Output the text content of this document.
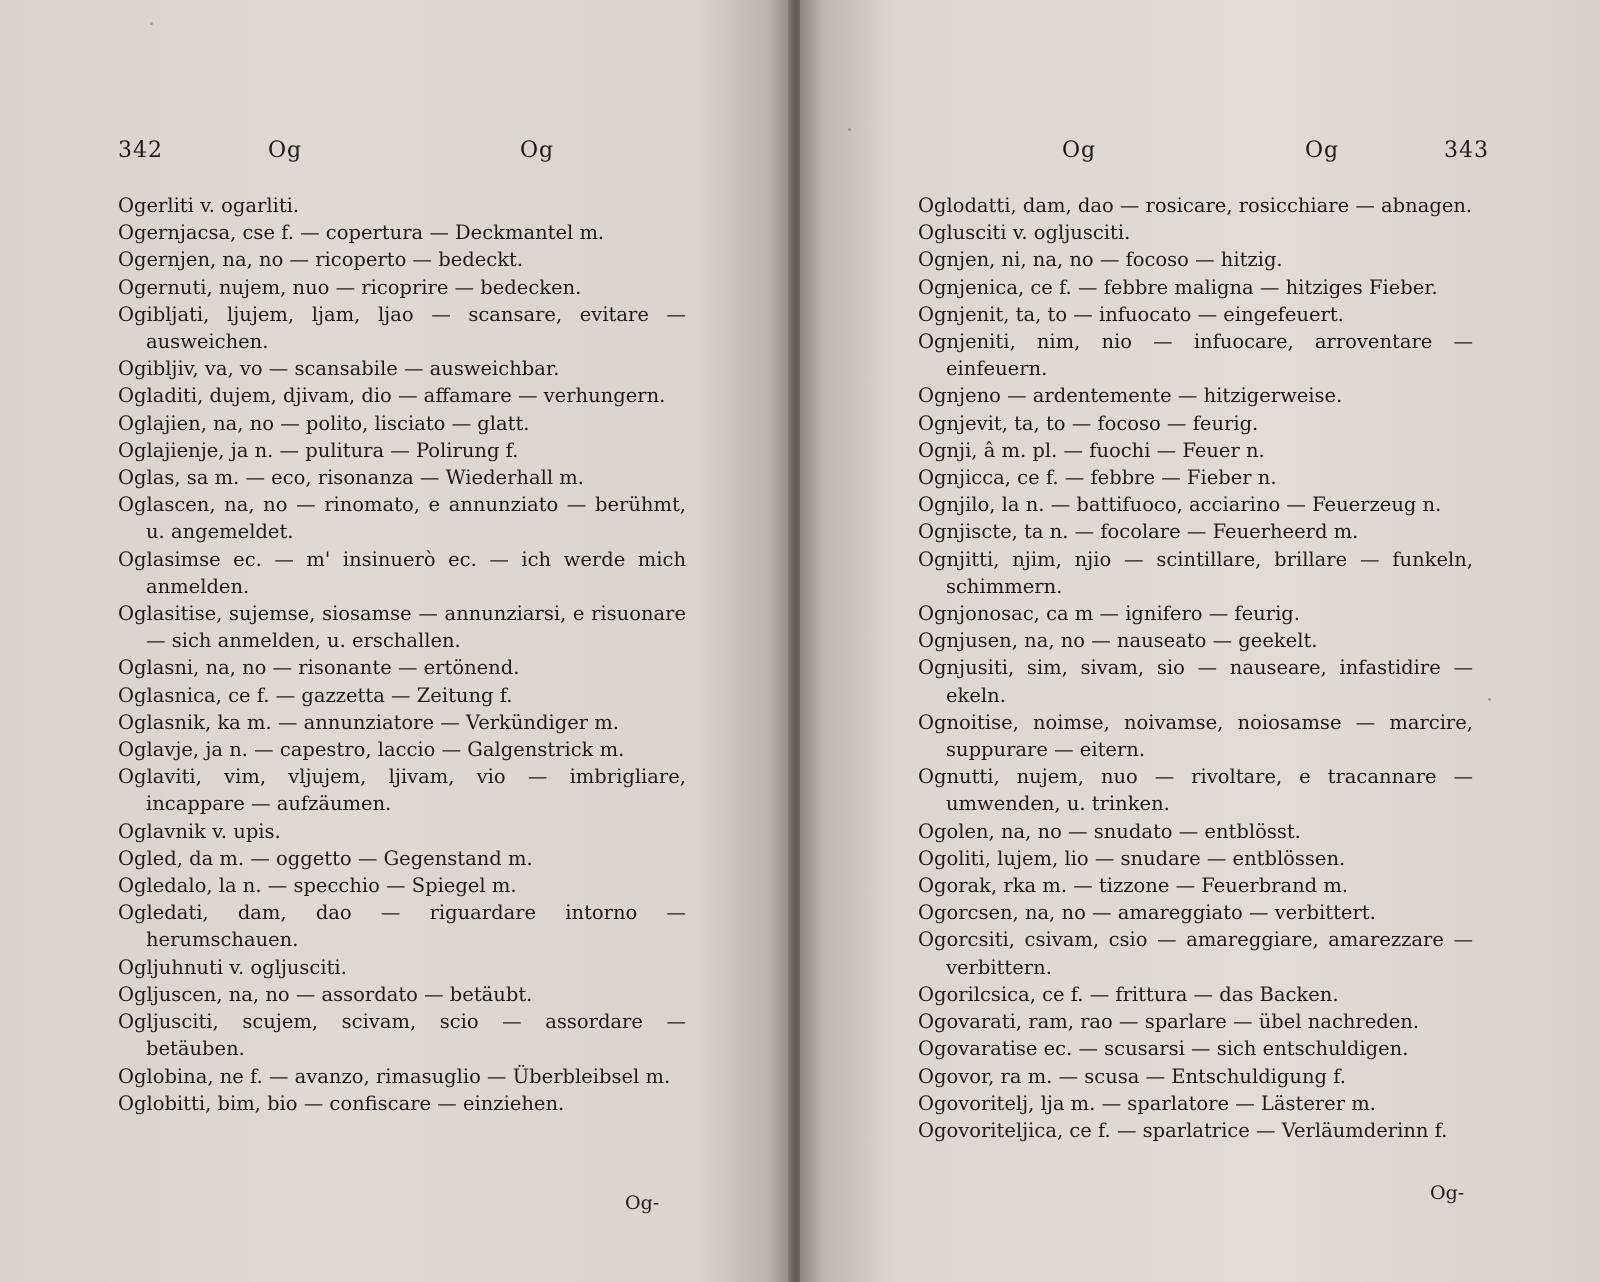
342	Og	Og
Ogerliti v. ogarliti.
Ogernjacsa, cse f. — copertura — Deckmantel m.
Ogernjen, na, no — ricoperto — bedeckt.
Ogernuti, nujem, nuo — ricoprire — bedecken.
Ogibljati, ljujem, ljam, ljao — scansare, evitare — ausweichen.
Ogibljiv, va, vo — scansabile — ausweichbar.
Ogladiti, dujem, djivam, dio — affamare — verhungern.
Oglajien, na, no — polito, lisciato — glatt.
Oglajienje, ja n. — pulitura — Polirung f.
Oglas, sa m. — eco, risonanza — Wiederhall m.
Oglascen, na, no — rinomato, e annunziato — berühmt, u. angemeldet.
Oglasimse ec. — m' insinuerò ec. — ich werde mich anmelden.
Oglasitise, sujemse, siosamse — annunziarsi, e risuonare — sich anmelden, u. erschallen.
Oglasni, na, no — risonante — ertönend.
Oglasnica, ce f. — gazzetta — Zeitung f.
Oglasnik, ka m. — annunziatore — Verkündiger m.
Oglavje, ja n. — capestro, laccio — Galgenstrick m.
Oglaviti, vim, vljujem, ljivam, vio — imbrigliare, incappare — aufzäumen.
Oglavnik v. upis.
Ogled, da m. — oggetto — Gegenstand m.
Ogledalo, la n. — specchio — Spiegel m.
Ogledati, dam, dao — riguardare intorno — herumschauen.
Ogljuhnuti v. ogljusciti.
Ogljuscen, na, no — assordato — betäubt.
Ogljusciti, scujem, scivam, scio — assordare — betäuben.
Oglobina, ne f. — avanzo, rimasuglio — Überbleibsel m.
Oglobitti, bim, bio — confiscare — einziehen.
Og-
Og	Og	343
Oglodatti, dam, dao — rosicare, rosicchiare — abnagen.
Oglusciti v. ogljusciti.
Ognjen, ni, na, no — focoso — hitzig.
Ognjenica, ce f. — febbre maligna — hitziges Fieber.
Ognjenit, ta, to — infuocato — eingefeuert.
Ognjeniti, nim, nio — infuocare, arroventare — einfeuern.
Ognjeno — ardentemente — hitzigerweise.
Ognjevit, ta, to — focoso — feurig.
Ognji, â m. pl. — fuochi — Feuer n.
Ognjicca, ce f. — febbre — Fieber n.
Ognjilo, la n. — battifuoco, acciarino — Feuerzeug n.
Ognjiscte, ta n. — focolare — Feuerheerd m.
Ognjitti, njim, njio — scintillare, brillare — funkeln, schimmern.
Ognjonosac, ca m — ignifero — feurig.
Ognjusen, na, no — nauseato — geekelt.
Ognjusiti, sim, sivam, sio — nauseare, infastidire — ekeln.
Ognoitise, noimse, noivamse, noiosamse — marcire, suppurare — eitern.
Ognutti, nujem, nuo — rivoltare, e tracannare — umwenden, u. trinken.
Ogolen, na, no — snudato — entblösst.
Ogoliti, lujem, lio — snudare — entblössen.
Ogorak, rka m. — tizzone — Feuerbrand m.
Ogorcsen, na, no — amareggiato — verbittert.
Ogorcsiti, csivam, csio — amareggiare, amarezzare — verbittern.
Ogorilcsica, ce f. — frittura — das Backen.
Ogovarati, ram, rao — sparlare — übel nachreden.
Ogovaratise ec. — scusarsi — sich entschuldigen.
Ogovor, ra m. — scusa — Entschuldigung f.
Ogovoritelj, lja m. — sparlatore — Lästerer m.
Ogovoriteljica, ce f. — sparlatrice — Verläumderinn f.
Og-
